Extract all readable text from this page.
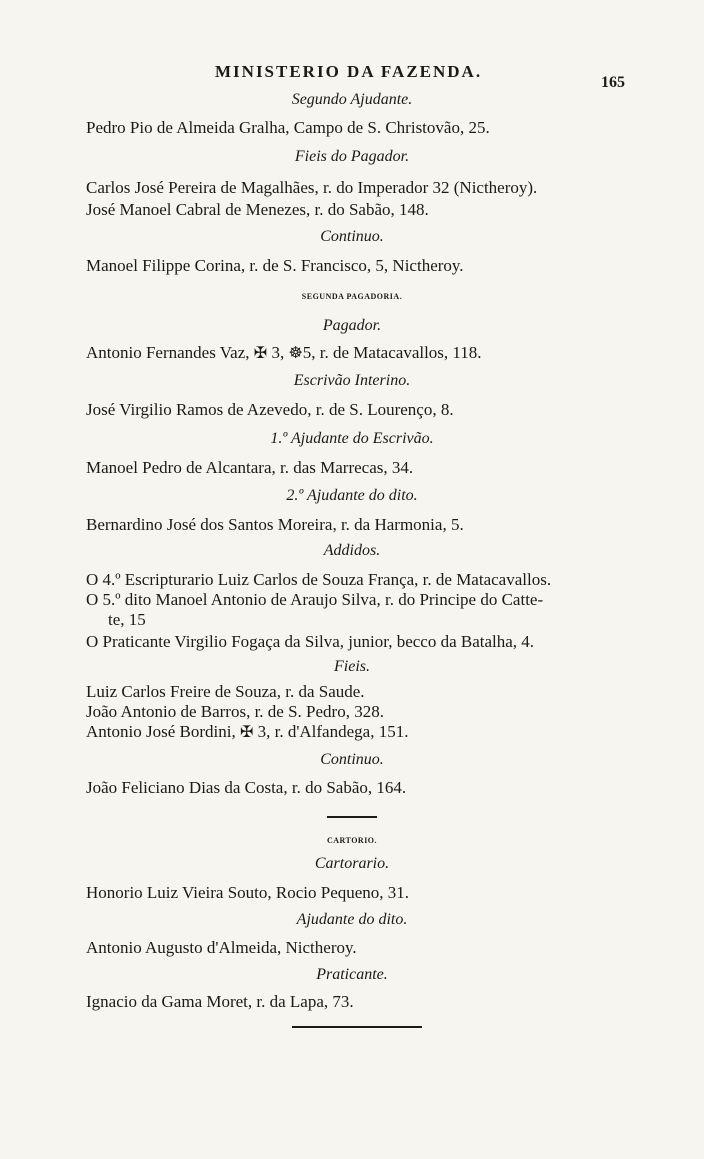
MINISTERIO DA FAZENDA.
165
Segundo Ajudante.
Pedro Pio de Almeida Gralha, Campo de S. Christovão, 25.
Fieis do Pagador.
Carlos José Pereira de Magalhães, r. do Imperador 32 (Nictheroy).
José Manoel Cabral de Menezes, r. do Sabão, 148.
Continuo.
Manoel Filippe Corina, r. de S. Francisco, 5, Nictheroy.
SEGUNDA PAGADORIA.
Pagador.
Antonio Fernandes Vaz, ✠ 3, ☸5, r. de Matacavallos, 118.
Escrivão Interino.
José Virgilio Ramos de Azevedo, r. de S. Lourenço, 8.
1.º Ajudante do Escrivão.
Manoel Pedro de Alcantara, r. das Marrecas, 34.
2.º Ajudante do dito.
Bernardino José dos Santos Moreira, r. da Harmonia, 5.
Addidos.
O 4.º Escripturario Luiz Carlos de Souza França, r. de Matacavallos.
O 5.º dito Manoel Antonio de Araujo Silva, r. do Principe do Catte-
te, 15
O Praticante Virgilio Fogaça da Silva, junior, becco da Batalha, 4.
Fieis.
Luiz Carlos Freire de Souza, r. da Saude.
João Antonio de Barros, r. de S. Pedro, 328.
Antonio José Bordini, ✠ 3, r. d'Alfandega, 151.
Continuo.
João Feliciano Dias da Costa, r. do Sabão, 164.
CARTORIO.
Cartorario.
Honorio Luiz Vieira Souto, Rocio Pequeno, 31.
Ajudante do dito.
Antonio Augusto d'Almeida, Nictheroy.
Praticante.
Ignacio da Gama Moret, r. da Lapa, 73.
